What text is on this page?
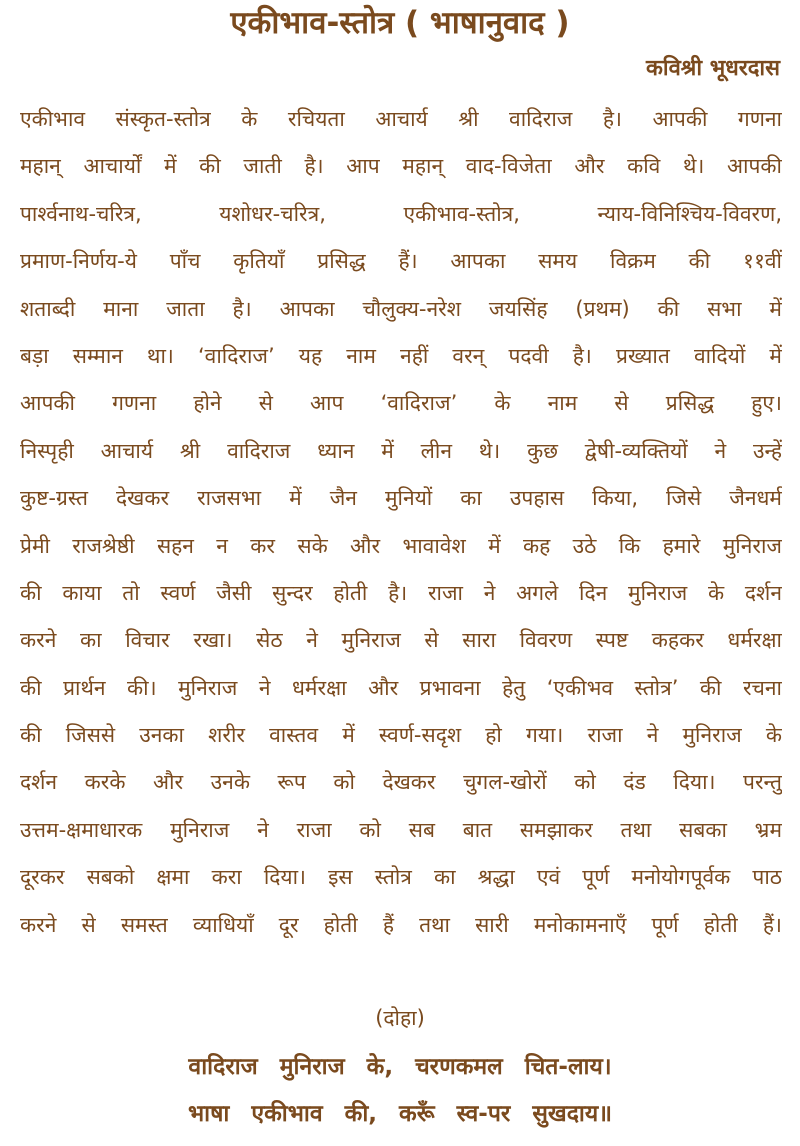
एकीभाव-स्तोत्र ( भाषानुवाद )
कविश्री भूधरदास
एकीभाव संस्कृत-स्तोत्र के रचियता आचार्य श्री वादिराज है। आपकी गणना
महान् आचार्यों में की जाती है। आप महान् वाद-विजेता और कवि थे। आपकी
पार्श्वनाथ-चरित्र, यशोधर-चरित्र, एकीभाव-स्तोत्र, न्याय-विनिश्चिय-विवरण,
प्रमाण-निर्णय-ये पाँच कृतियाँ प्रसिद्ध हैं। आपका समय विक्रम की ११वीं
शताब्दी माना जाता है। आपका चौलुक्य-नरेश जयसिंह (प्रथम) की सभा में
बड़ा सम्मान था। ‘वादिराज’ यह नाम नहीं वरन् पदवी है। प्रख्यात वादियों में
आपकी गणना होने से आप ‘वादिराज’ के नाम से प्रसिद्ध हुए।
निस्पृही आचार्य श्री वादिराज ध्यान में लीन थे। कुछ द्वेषी-व्यक्तियों ने उन्हें
कुष्ट-ग्रस्त देखकर राजसभा में जैन मुनियों का उपहास किया, जिसे जैनधर्म
प्रेमी राजश्रेष्ठी सहन न कर सके और भावावेश में कह उठे कि हमारे मुनिराज
की काया तो स्वर्ण जैसी सुन्दर होती है। राजा ने अगले दिन मुनिराज के दर्शन
करने का विचार रखा। सेठ ने मुनिराज से सारा विवरण स्पष्ट कहकर धर्मरक्षा
की प्रार्थन की। मुनिराज ने धर्मरक्षा और प्रभावना हेतु ‘एकीभव स्तोत्र’ की रचना
की जिससे उनका शरीर वास्तव में स्वर्ण-सदृश हो गया। राजा ने मुनिराज के
दर्शन करके और उनके रूप को देखकर चुगल-खोरों को दंड दिया। परन्तु
उत्तम-क्षमाधारक मुनिराज ने राजा को सब बात समझाकर तथा सबका भ्रम
दूरकर सबको क्षमा करा दिया। इस स्तोत्र का श्रद्धा एवं पूर्ण मनोयोगपूर्वक पाठ
करने से समस्त व्याधियाँ दूर होती हैं तथा सारी मनोकामनाएँ पूर्ण होती हैं।
(दोहा)
वादिराज मुनिराज के, चरणकमल चित-लाय।
भाषा एकीभाव की, करूँ स्व-पर सुखदाय॥
